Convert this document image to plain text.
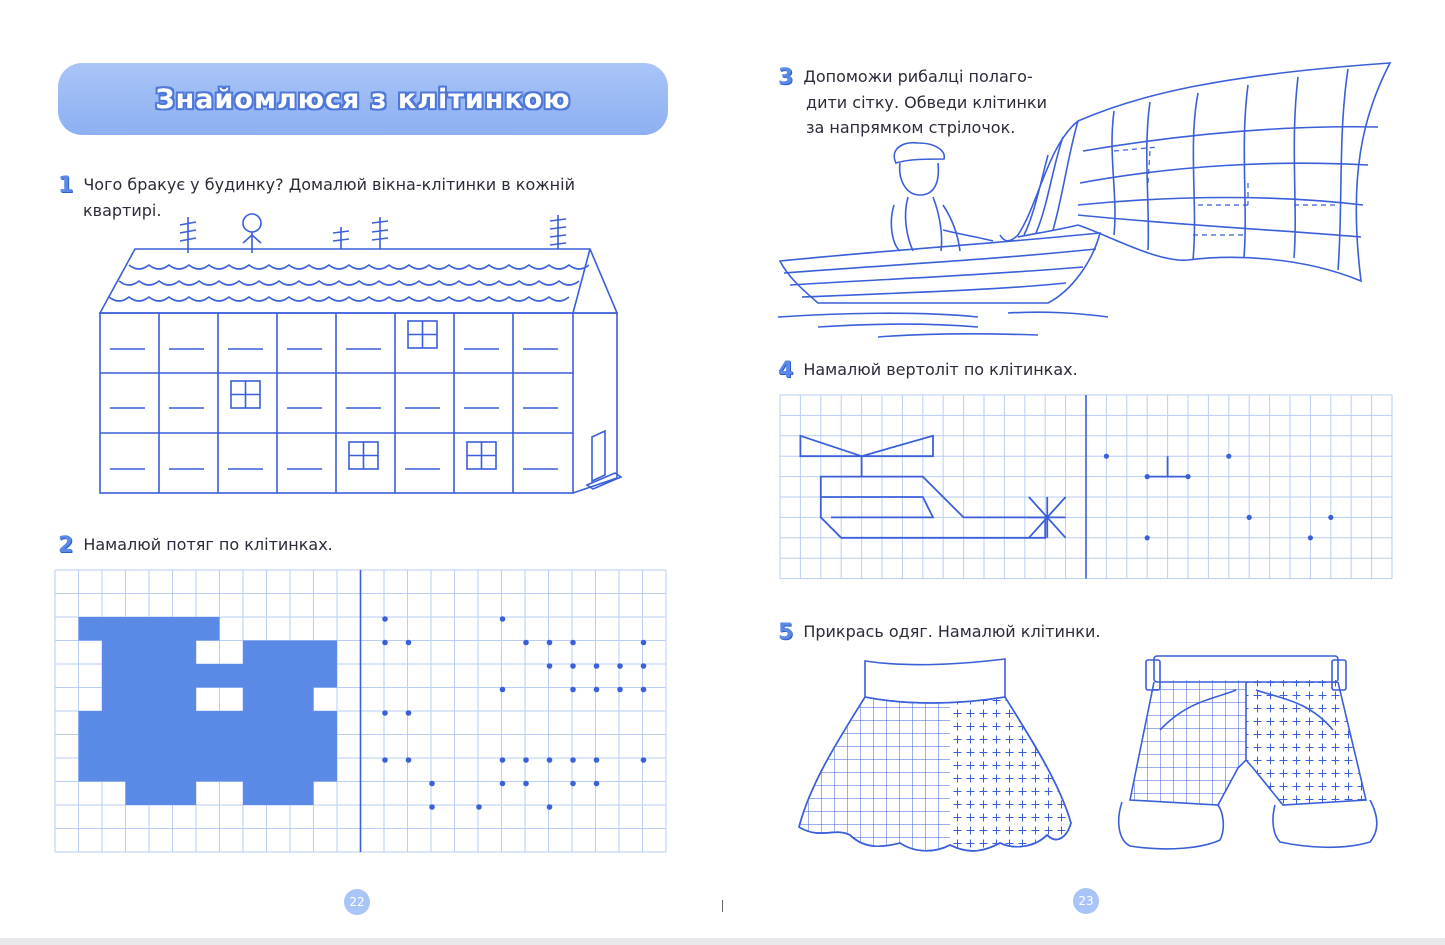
Знайомлюся з клітинкою
1 Чого бракує у будинку? Домалюй вікна-клітинки в кожній
квартирі.
2 Намалюй потяг по клітинках.
3 Допоможи рибалці полаго-
дити сітку. Обведи клітинки
за напрямком стрілочок.
4 Намалюй вертоліт по клітинках.
5 Прикрась одяг. Намалюй клітинки.
22	23
